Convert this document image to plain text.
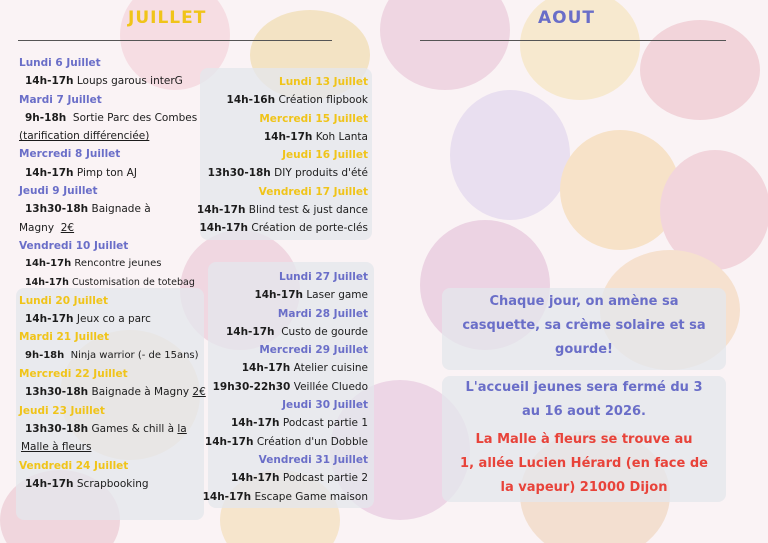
JUILLET	AOUT
Lundi 6 Juillet
14h-17h Loups garous interG
Mardi 7 Juillet
9h-18h Sortie Parc des Combes
(tarification différenciée)
Mercredi 8 Juillet
14h-17h Pimp ton AJ
Jeudi 9 Juillet
13h30-18h Baignade à
Magny 2€
Vendredi 10 Juillet
14h-17h Rencontre jeunes
14h-17h Customisation de totebag
Lundi 20 Juillet
14h-17h Jeux co a parc
Mardi 21 Juillet
9h-18h Ninja warrior (- de 15ans)
Mercredi 22 Juillet
13h30-18h Baignade à Magny 2€
Jeudi 23 Juillet
13h30-18h Games & chill à la
Malle à fleurs
Vendredi 24 Juillet
14h-17h Scrapbooking
Lundi 13 Juillet
14h-16h Création flipbook
Mercredi 15 Juillet
14h-17h Koh Lanta
Jeudi 16 Juillet
13h30-18h DIY produits d'été
Vendredi 17 Juillet
14h-17h Blind test & just dance
14h-17h Création de porte-clés
Lundi 27 Juillet
14h-17h Laser game
Mardi 28 Juillet
14h-17h Custo de gourde
Mercredi 29 Juillet
14h-17h Atelier cuisine
19h30-22h30 Veillée Cluedo
Jeudi 30 Juillet
14h-17h Podcast partie 1
14h-17h Création d'un Dobble
Vendredi 31 Juillet
14h-17h Podcast partie 2
14h-17h Escape Game maison
Chaque jour, on amène sa
casquette, sa crème solaire et sa
gourde!
L'accueil jeunes sera fermé du 3
au 16 aout 2026.
La Malle à fleurs se trouve au
1, allée Lucien Hérard (en face de
la vapeur) 21000 Dijon
